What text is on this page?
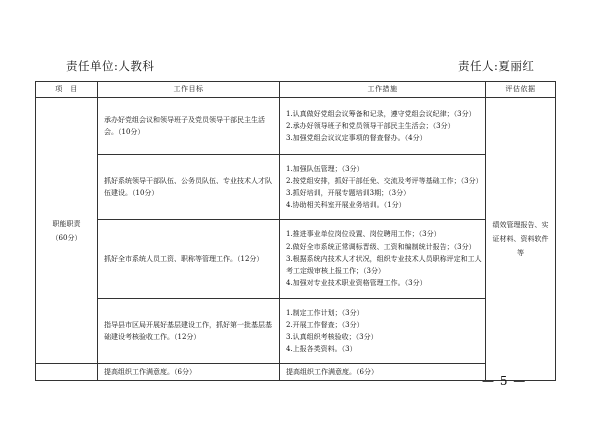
责任单位:人教科	责任人:夏丽红
项　目	工作目标	工作措施	评估依据

职能职责
（60分）	承办好党组会议和领导班子及党员领导干部民主生活会。（10分）	1.认真做好党组会议筹备和记录，遵守党组会议纪律；（3分）
2.承办好领导班子和党员领导干部民主生活会；（3分）
3.加强党组会议议定事项的督查督办。（4分）	绩效管理报告、实证材料、资料软件等
	抓好系统领导干部队伍、公务员队伍、专业技术人才队伍建设。（10分）	1.加强队伍管理；（3分）
2.按党组安排，抓好干部任免、交流及考评等基础工作；（3分）
3.抓好培训，开展专题培训3期；（3分）
4.协助相关科室开展业务培训。（1分）	

	抓好全市系统人员工资、职称等管理工作。（12分）	1.推进事业单位岗位设置、岗位聘用工作；（3分）
2.做好全市系统正常调标晋级、工资和编制统计报告；（3分）
3.根据系统内技术人才状况，组织专业技术人员职称评定和工人
考工定级审核上报工作；（3分）
4.加强对专业技术职业资格管理工作。（3分）	

	指导县市区局开展好基层建设工作，抓好第一批基层基础建设考核验收工作。（12分）	1.制定工作计划；（3分）
2.开展工作督查；（3分）
3.认真组织考核验收；（3分）
4.上报各类资料。（3）	

	提高组织工作满意度。（6分）	提高组织工作满意度。（6分）	
— 5 —
